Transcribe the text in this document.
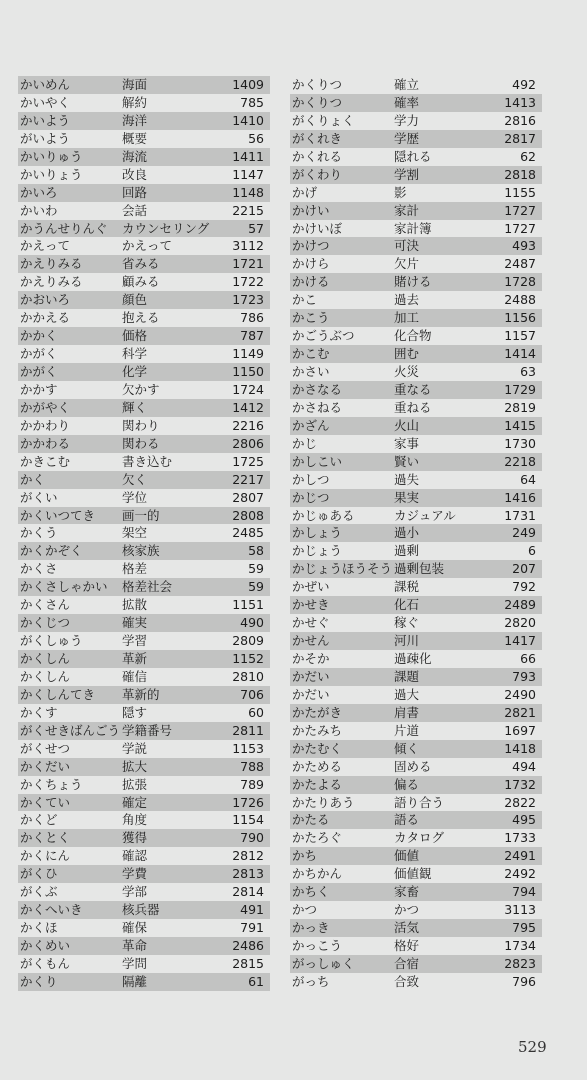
かいめん	海面	1409
かいやく	解約	785
かいよう	海洋	1410
がいよう	概要	56
かいりゅう	海流	1411
かいりょう	改良	1147
かいろ	回路	1148
かいわ	会話	2215
かうんせりんぐ カウンセリング	57
かえって	かえって	3112
かえりみる	省みる	1721
かえりみる	顧みる	1722
かおいろ	顔色	1723
かかえる	抱える	786
かかく	価格	787
かがく	科学	1149
かがく	化学	1150
かかす	欠かす	1724
かがやく	輝く	1412
かかわり	関わり	2216
かかわる	関わる	2806
かきこむ	書き込む	1725
かく	欠く	2217
がくい	学位	2807
かくいつてき 画一的	2808
かくう	架空	2485
かくかぞく	核家族	58
かくさ	格差	59
かくさしゃかい 格差社会	59
かくさん	拡散	1151
かくじつ	確実	490
がくしゅう	学習	2809
かくしん	革新	1152
かくしん	確信	2810
かくしんてき 革新的	706
かくす	隠す	60
がくせきばんごう 学籍番号	2811
がくせつ	学説	1153
かくだい	拡大	788
かくちょう	拡張	789
かくてい	確定	1726
かくど	角度	1154
かくとく	獲得	790
かくにん	確認	2812
がくひ	学費	2813
がくぶ	学部	2814
かくへいき	核兵器	491
かくほ	確保	791
かくめい	革命	2486
がくもん	学問	2815
かくり	隔離	61
かくりつ	確立	492
かくりつ	確率	1413
がくりょく	学力	2816
がくれき	学歴	2817
かくれる	隠れる	62
がくわり	学割	2818
かげ	影	1155
かけい	家計	1727
かけいぼ	家計簿	1727
かけつ	可決	493
かけら	欠片	2487
かける	賭ける	1728
かこ	過去	2488
かこう	加工	1156
かごうぶつ	化合物	1157
かこむ	囲む	1414
かさい	火災	63
かさなる	重なる	1729
かさねる	重ねる	2819
かざん	火山	1415
かじ	家事	1730
かしこい	賢い	2218
かしつ	過失	64
かじつ	果実	1416
かじゅある	カジュアル	1731
かしょう	過小	249
かじょう	過剰	6
かじょうほうそう 過剰包装	207
かぜい	課税	792
かせき	化石	2489
かせぐ	稼ぐ	2820
かせん	河川	1417
かそか	過疎化	66
かだい	課題	793
かだい	過大	2490
かたがき	肩書	2821
かたみち	片道	1697
かたむく	傾く	1418
かためる	固める	494
かたよる	偏る	1732
かたりあう	語り合う	2822
かたる	語る	495
かたろぐ	カタログ	1733
かち	価値	2491
かちかん	価値観	2492
かちく	家畜	794
かつ	かつ	3113
かっき	活気	795
かっこう	格好	1734
がっしゅく	合宿	2823
がっち	合致	796
529
